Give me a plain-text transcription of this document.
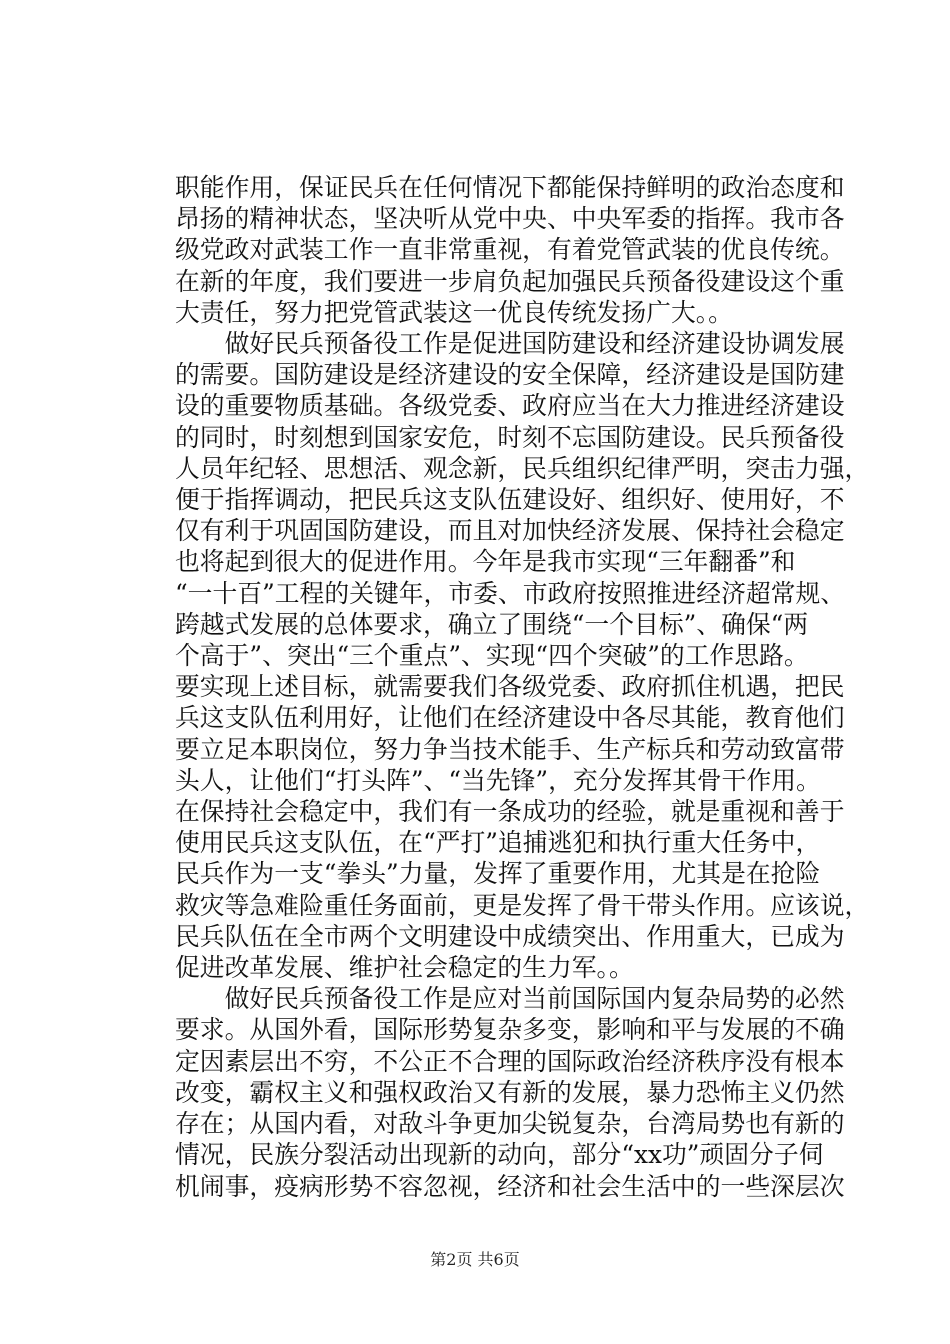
职能作用，保证民兵在任何情况下都能保持鲜明的政治态度和
昂扬的精神状态，坚决听从党中央、中央军委的指挥。我市各
级党政对武装工作一直非常重视，有着党管武装的优良传统。
在新的年度，我们要进一步肩负起加强民兵预备役建设这个重
大责任，努力把党管武装这一优良传统发扬广大。。
做好民兵预备役工作是促进国防建设和经济建设协调发展
的需要。国防建设是经济建设的安全保障，经济建设是国防建
设的重要物质基础。各级党委、政府应当在大力推进经济建设
的同时，时刻想到国家安危，时刻不忘国防建设。民兵预备役
人员年纪轻、思想活、观念新，民兵组织纪律严明，突击力强，
便于指挥调动，把民兵这支队伍建设好、组织好、使用好，不
仅有利于巩固国防建设，而且对加快经济发展、保持社会稳定
也将起到很大的促进作用。今年是我市实现“三年翻番”和
“一十百”工程的关键年，市委、市政府按照推进经济超常规、
跨越式发展的总体要求，确立了围绕“一个目标”、确保“两
个高于”、突出“三个重点”、实现“四个突破”的工作思路。
要实现上述目标，就需要我们各级党委、政府抓住机遇，把民
兵这支队伍利用好，让他们在经济建设中各尽其能，教育他们
要立足本职岗位，努力争当技术能手、生产标兵和劳动致富带
头人，让他们“打头阵”、“当先锋”，充分发挥其骨干作用。
在保持社会稳定中，我们有一条成功的经验，就是重视和善于
使用民兵这支队伍，在“严打”追捕逃犯和执行重大任务中，
民兵作为一支“拳头”力量，发挥了重要作用，尤其是在抢险
救灾等急难险重任务面前，更是发挥了骨干带头作用。应该说，
民兵队伍在全市两个文明建设中成绩突出、作用重大，已成为
促进改革发展、维护社会稳定的生力军。。
做好民兵预备役工作是应对当前国际国内复杂局势的必然
要求。从国外看，国际形势复杂多变，影响和平与发展的不确
定因素层出不穷，不公正不合理的国际政治经济秩序没有根本
改变，霸权主义和强权政治又有新的发展，暴力恐怖主义仍然
存在；从国内看，对敌斗争更加尖锐复杂，台湾局势也有新的
情况，民族分裂活动出现新的动向，部分“xx功”顽固分子伺
机闹事，疫病形势不容忽视，经济和社会生活中的一些深层次
第2页 共6页
